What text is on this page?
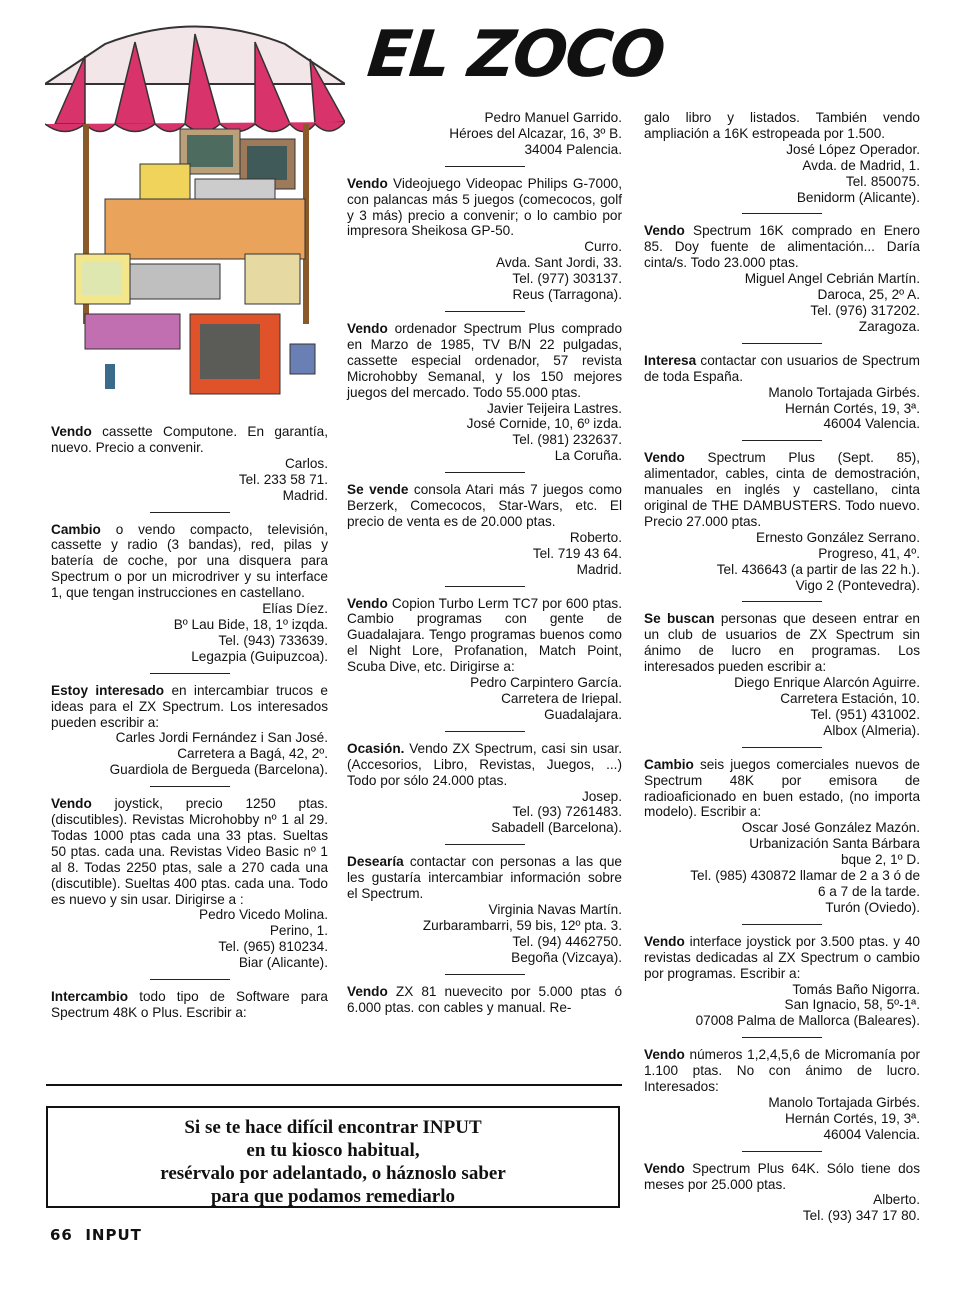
EL ZOCO

Vendo cassette Computone. En garantía, nuevo. Precio a convenir.

Carlos.
Tel. 233 58 71.
Madrid.

Cambio o vendo compacto, televisión, cassette y radio (3 bandas), red, pilas y batería de coche, por una disquera para Spectrum o por un microdriver y su interface 1, que tengan instrucciones en castellano.

Elías Díez.
Bº Lau Bide, 18, 1º izqda.
Tel. (943) 733639.
Legazpia (Guipuzcoa).

Estoy interesado en intercambiar trucos e ideas para el ZX Spectrum. Los interesados pueden escribir a:

Carles Jordi Fernández i San José.
Carretera a Bagá, 42, 2º.
Guardiola de Bergueda (Barcelona).

Vendo joystick, precio 1250 ptas. (discutibles). Revistas Microhobby nº 1 al 29. Todas 1000 ptas cada una 33 ptas. Sueltas 50 ptas. cada una. Revistas Video Basic nº 1 al 8. Todas 2250 ptas, sale a 270 cada una (discutible). Sueltas 400 ptas. cada una. Todo es nuevo y sin usar. Dirigirse a :

Pedro Vicedo Molina.
Perino, 1.
Tel. (965) 810234.
Biar (Alicante).

Intercambio todo tipo de Software para Spectrum 48K o Plus. Escribir a:

Pedro Manuel Garrido.
Héroes del Alcazar, 16, 3º B.
34004 Palencia.

Vendo Videojuego Videopac Philips G-7000, con palancas más 5 juegos (comecocos, golf y 3 más) precio a convenir; o lo cambio por impresora Sheikosa GP-50.

Curro.
Avda. Sant Jordi, 33.
Tel. (977) 303137.
Reus (Tarragona).

Vendo ordenador Spectrum Plus comprado en Marzo de 1985, TV B/N 22 pulgadas, cassette especial ordenador, 57 revista Microhobby Semanal, y los 150 mejores juegos del mercado. Todo 55.000 ptas.

Javier Teijeira Lastres.
José Cornide, 10, 6º izda.
Tel. (981) 232637.
La Coruña.

Se vende consola Atari más 7 juegos como Berzerk, Comecocos, Star-Wars, etc. El precio de venta es de 20.000 ptas.

Roberto.
Tel. 719 43 64.
Madrid.

Vendo Copion Turbo Lerm TC7 por 600 ptas. Cambio programas con gente de Guadalajara. Tengo programas buenos como el Night Lore, Profanation, Match Point, Scuba Dive, etc. Dirigirse a:

Pedro Carpintero García.
Carretera de Iriepal.
Guadalajara.

Ocasión. Vendo ZX Spectrum, casi sin usar. (Accesorios, Libro, Revistas, Juegos, ...) Todo por sólo 24.000 ptas.

Josep.
Tel. (93) 7261483.
Sabadell (Barcelona).

Desearía contactar con personas a las que les gustaría intercambiar información sobre el Spectrum.

Virginia Navas Martín.
Zurbarambarri, 59 bis, 12º pta. 3.
Tel. (94) 4462750.
Begoña (Vizcaya).

Vendo ZX 81 nuevecito por 5.000 ptas ó 6.000 ptas. con cables y manual. Re-

galo libro y listados. También vendo ampliación a 16K estropeada por 1.500.

José López Operador.
Avda. de Madrid, 1.
Tel. 850075.
Benidorm (Alicante).

Vendo Spectrum 16K comprado en Enero 85. Doy fuente de alimentación... Daría cinta/s. Todo 23.000 ptas.

Miguel Angel Cebrián Martín.
Daroca, 25, 2º A.
Tel. (976) 317202.
Zaragoza.

Interesa contactar con usuarios de Spectrum de toda España.

Manolo Tortajada Girbés.
Hernán Cortés, 19, 3ª.
46004 Valencia.

Vendo Spectrum Plus (Sept. 85), alimentador, cables, cinta de demostración, manuales en inglés y castellano, cinta original de THE DAMBUSTERS. Todo nuevo. Precio 27.000 ptas.

Ernesto González Serrano.
Progreso, 41, 4º.
Tel. 436643 (a partir de las 22 h.).
Vigo 2 (Pontevedra).

Se buscan personas que deseen entrar en un club de usuarios de ZX Spectrum sin ánimo de lucro en programas. Los interesados pueden escribir a:

Diego Enrique Alarcón Aguirre.
Carretera Estación, 10.
Tel. (951) 431002.
Albox (Almeria).

Cambio seis juegos comerciales nuevos de Spectrum 48K por emisora de radioaficionado en buen estado, (no importa modelo). Escribir a:

Oscar José González Mazón.
Urbanización Santa Bárbara
bque 2, 1º D.
Tel. (985) 430872 llamar de 2 a 3 ó de
6 a 7 de la tarde.
Turón (Oviedo).

Vendo interface joystick por 3.500 ptas. y 40 revistas dedicadas al ZX Spectrum o cambio por programas. Escribir a:

Tomás Baño Nigorra.
San Ignacio, 58, 5º-1ª.
07008 Palma de Mallorca (Baleares).

Vendo números 1,2,4,5,6 de Micromanía por 1.100 ptas. No con ánimo de lucro. Interesados:

Manolo Tortajada Girbés.
Hernán Cortés, 19, 3ª.
46004 Valencia.

Vendo Spectrum Plus 64K. Sólo tiene dos meses por 25.000 ptas.

Alberto.
Tel. (93) 347 17 80.
Si se te hace difícil encontrar INPUT
en tu kiosco habitual,
resérvalo por adelantado, o háznoslo saber
para que podamos remediarlo
66 INPUT
